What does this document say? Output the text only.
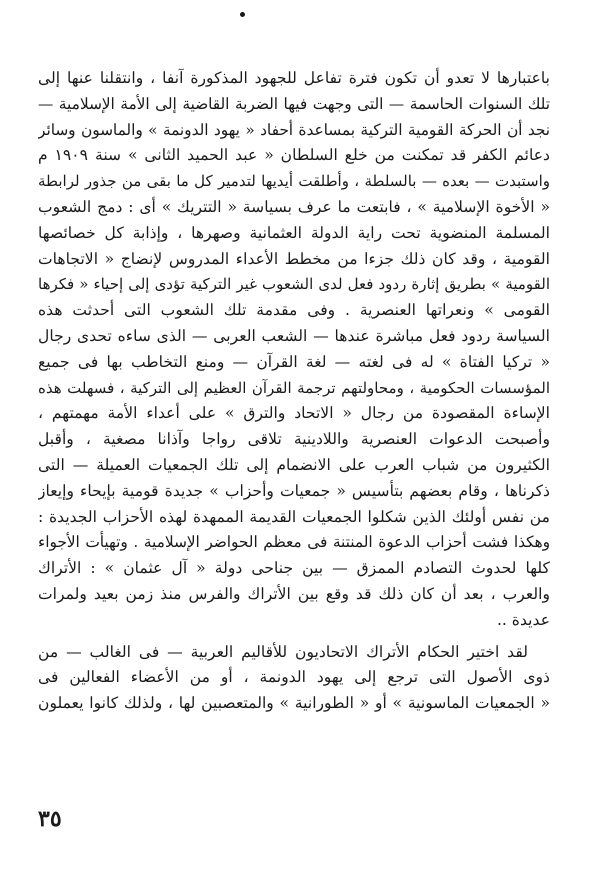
باعتبارها لا تعدو أن تكون فترة تفاعل للجهود المذكورة آنفا ، وانتقلنا عنها إلى
تلك السنوات الحاسمة — التى وجهت فيها الضربة القاضية إلى الأمة الإسلامية —
نجد أن الحركة القومية التركية بمساعدة أحفاد « يهود الدونمة » والماسون وسائر
دعائم الكفر قد تمكنت من خلع السلطان « عبد الحميد الثانى » سنة ١٩٠٩ م
واستبدت — بعده — بالسلطة ، وأطلقت أيديها لتدمير كل ما بقى من جذور لرابطة
« الأخوة الإسلامية » ، فابتعت ما عرف بسياسة « التتريك » أى : دمج الشعوب
المسلمة المنضوية تحت راية الدولة العثمانية وصهرها ، وإذابة كل خصائصها
القومية ، وقد كان ذلك جزءا من مخطط الأعداء المدروس لإنضاج « الاتجاهات
القومية » بطريق إثارة ردود فعل لدى الشعوب غير التركية تؤدى إلى إحياء « فكرها
القومى » ونعراتها العنصرية . وفى مقدمة تلك الشعوب التى أحدثت هذه
السياسة ردود فعل مباشرة عندها — الشعب العربى — الذى ساءه تحدى رجال
« تركيا الفتاة » له فى لغته — لغة القرآن — ومنع التخاطب بها فى جميع
المؤسسات الحكومية ، ومحاولتهم ترجمة القرآن العظيم إلى التركية ، فسهلت هذه
الإساءة المقصودة من رجال « الاتحاد والترق » على أعداء الأمة مهمتهم ،
وأصبحت الدعوات العنصرية واللادينية تلاقى رواجا وآذانا مصغية ، وأقبل
الكثيرون من شباب العرب على الانضمام إلى تلك الجمعيات العميلة — التى
ذكرناها ، وقام بعضهم بتأسيس « جمعيات وأحزاب » جديدة قومية بإيحاء وإيعاز
من نفس أولئك الذين شكلوا الجمعيات القديمة الممهدة لهذه الأحزاب الجديدة :
وهكذا فشت أحزاب الدعوة المنتنة فى معظم الحواضر الإسلامية . وتهيأت الأجواء
كلها لحدوث التصادم الممزق — بين جناحى دولة « آل عثمان » : الأتراك
والعرب ، بعد أن كان ذلك قد وقع بين الأتراك والفرس منذ زمن بعيد ولمرات
عديدة ..
لقد اختير الحكام الأتراك الاتحاديون للأقاليم العربية — فى الغالب — من
ذوى الأصول التى ترجع إلى يهود الدونمة ، أو من الأعضاء الفعالين فى
« الجمعيات الماسونية » أو « الطورانية » والمتعصبين لها ، ولذلك كانوا يعملون
٣٥
